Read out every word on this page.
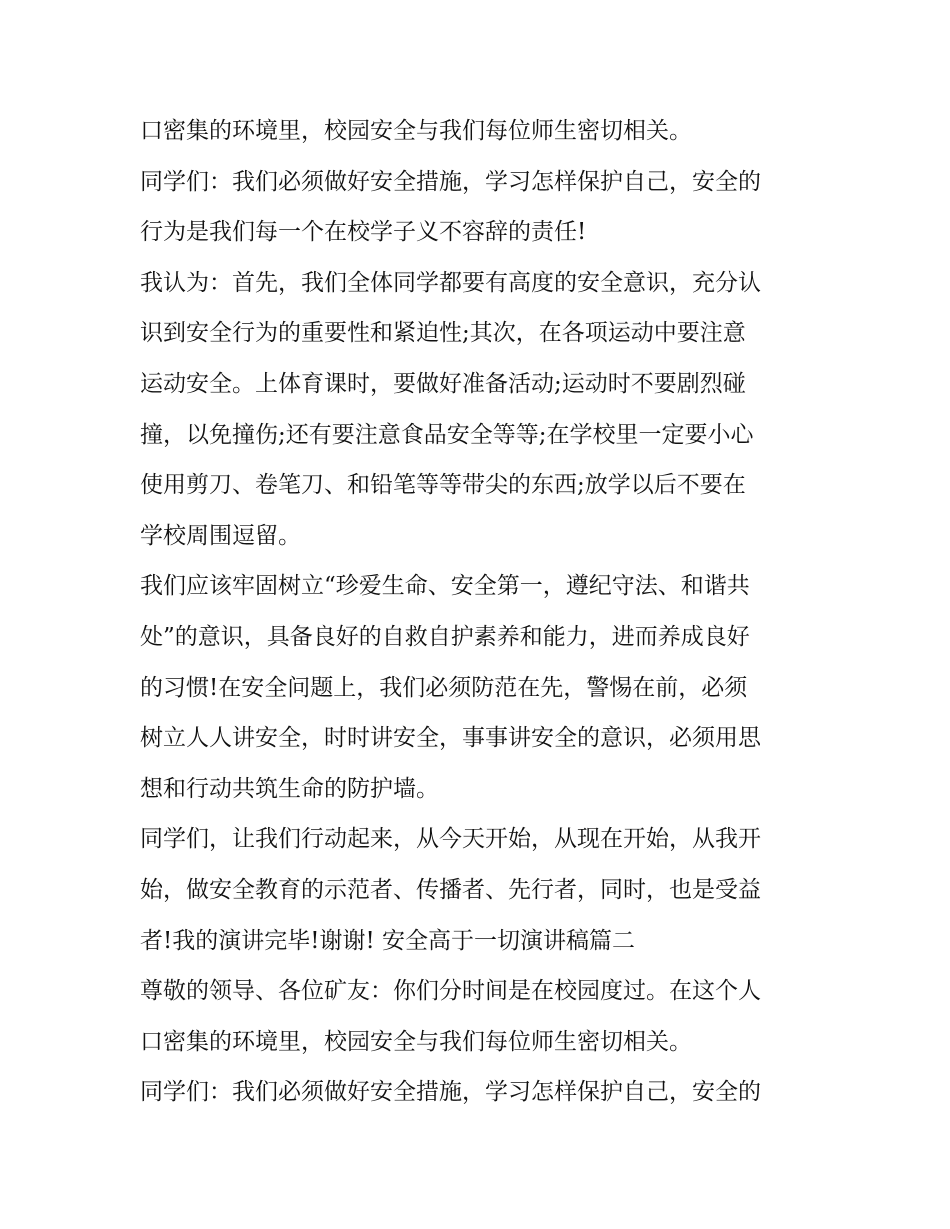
口密集的环境里，校园安全与我们每位师生密切相关。
同学们：我们必须做好安全措施，学习怎样保护自己，安全的
行为是我们每一个在校学子义不容辞的责任!
我认为：首先，我们全体同学都要有高度的安全意识，充分认
识到安全行为的重要性和紧迫性;其次，在各项运动中要注意
运动安全。上体育课时，要做好准备活动;运动时不要剧烈碰
撞，以免撞伤;还有要注意食品安全等等;在学校里一定要小心
使用剪刀、卷笔刀、和铅笔等等带尖的东西;放学以后不要在
学校周围逗留。
我们应该牢固树立“珍爱生命、安全第一，遵纪守法、和谐共
处”的意识，具备良好的自救自护素养和能力，进而养成良好
的习惯!在安全问题上，我们必须防范在先，警惕在前，必须
树立人人讲安全，时时讲安全，事事讲安全的意识，必须用思
想和行动共筑生命的防护墙。
同学们，让我们行动起来，从今天开始，从现在开始，从我开
始，做安全教育的示范者、传播者、先行者，同时，也是受益
者!我的演讲完毕!谢谢! 安全高于一切演讲稿篇二
尊敬的领导、各位矿友：你们分时间是在校园度过。在这个人
口密集的环境里，校园安全与我们每位师生密切相关。
同学们：我们必须做好安全措施，学习怎样保护自己，安全的
